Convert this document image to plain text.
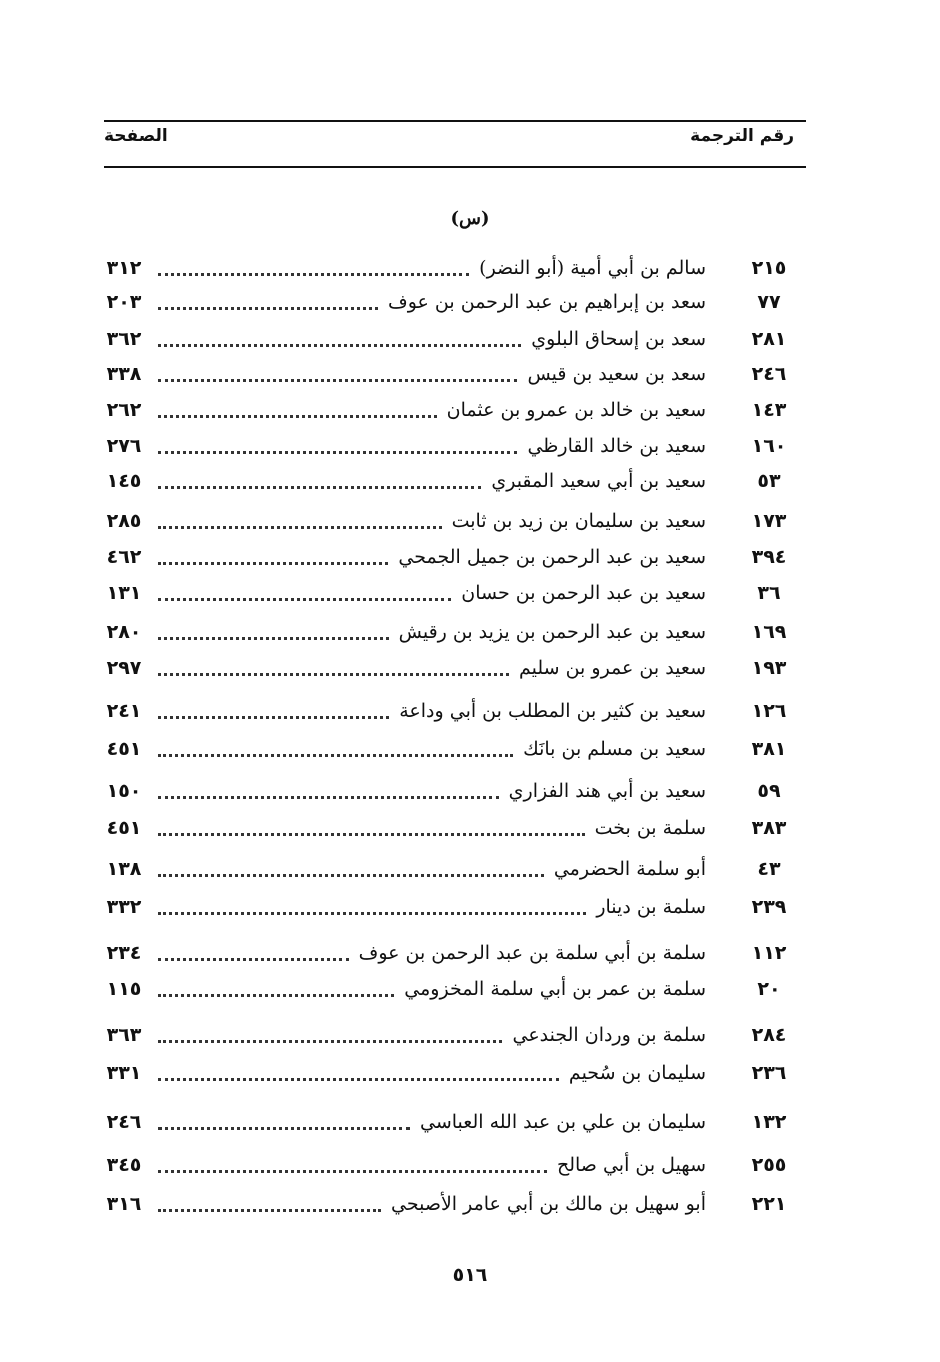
رقم الترجمة
الصفحة
(س)
٢١٥
سالم بن أبي أمية (أبو النضر)
٣١٢
٧٧
سعد بن إبراهيم بن عبد الرحمن بن عوف
٢٠٣
٢٨١
سعد بن إسحاق البلوي
٣٦٢
٢٤٦
سعد بن سعيد بن قيس
٣٣٨
١٤٣
سعيد بن خالد بن عمرو بن عثمان
٢٦٢
١٦٠
سعيد بن خالد القارظي
٢٧٦
٥٣
سعيد بن أبي سعيد المقبري
١٤٥
١٧٣
سعيد بن سليمان بن زيد بن ثابت
٢٨٥
٣٩٤
سعيد بن عبد الرحمن بن جميل الجمحي
٤٦٢
٣٦
سعيد بن عبد الرحمن بن حسان
١٣١
١٦٩
سعيد بن عبد الرحمن بن يزيد بن رقيش
٢٨٠
١٩٣
سعيد بن عمرو بن سليم
٢٩٧
١٢٦
سعيد بن كثير بن المطلب بن أبي وداعة
٢٤١
٣٨١
سعيد بن مسلم بن بانَك
٤٥١
٥٩
سعيد بن أبي هند الفزاري
١٥٠
٣٨٣
سلمة بن بخت
٤٥١
٤٣
أبو سلمة الحضرمي
١٣٨
٢٣٩
سلمة بن دينار
٣٣٢
١١٢
سلمة بن أبي سلمة بن عبد الرحمن بن عوف
٢٣٤
٢٠
سلمة بن عمر بن أبي سلمة المخزومي
١١٥
٢٨٤
سلمة بن وردان الجندعي
٣٦٣
٢٣٦
سليمان بن سُحيم
٣٣١
١٣٢
سليمان بن علي بن عبد الله العباسي
٢٤٦
٢٥٥
سهيل بن أبي صالح
٣٤٥
٢٢١
أبو سهيل بن مالك بن أبي عامر الأصبحي
٣١٦
٥١٦
